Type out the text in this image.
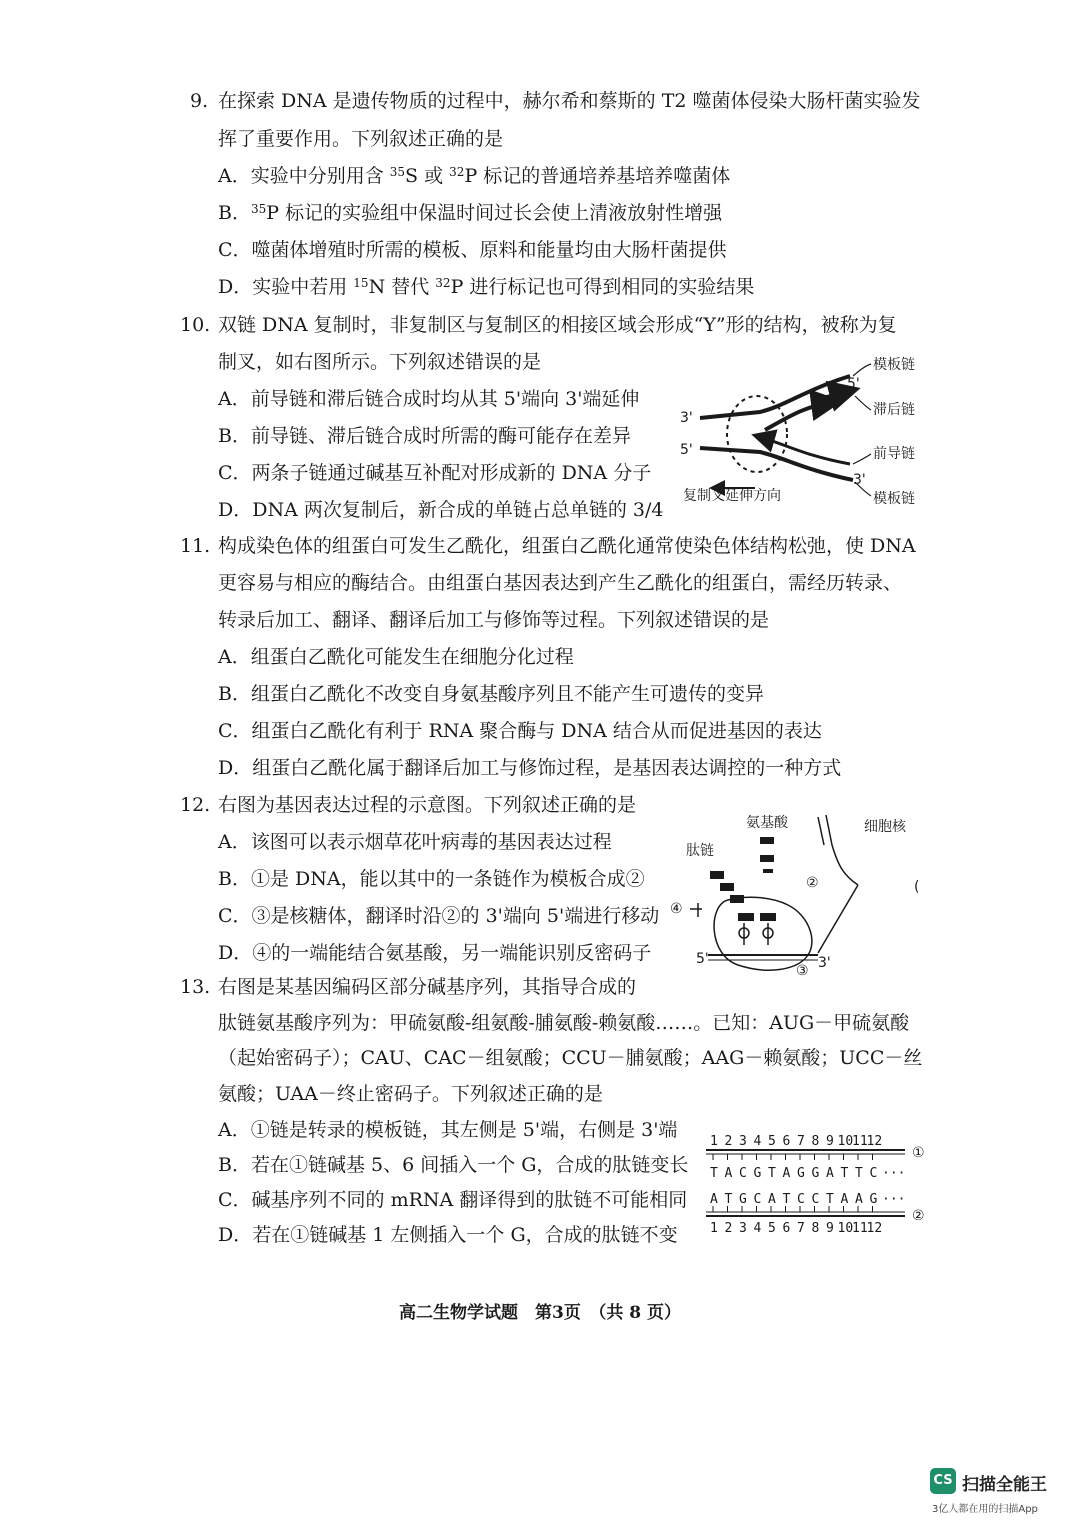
9. 在探索 DNA 是遗传物质的过程中，赫尔希和蔡斯的 T2 噬菌体侵染大肠杆菌实验发
挥了重要作用。下列叙述正确的是
A．实验中分别用含 $^{35}$S 或 $^{32}$P 标记的普通培养基培养噬菌体
B．$^{35}$P 标记的实验组中保温时间过长会使上清液放射性增强
C．噬菌体增殖时所需的模板、原料和能量均由大肠杆菌提供
D．实验中若用 $^{15}$N 替代 $^{32}$P 进行标记也可得到相同的实验结果
10. 双链 DNA 复制时，非复制区与复制区的相接区域会形成“Y”形的结构，被称为复
制叉，如右图所示。下列叙述错误的是
A．前导链和滞后链合成时均从其 5'端向 3'端延伸
B．前导链、滞后链合成时所需的酶可能存在差异
C．两条子链通过碱基互补配对形成新的 DNA 分子
D．DNA 两次复制后，新合成的单链占总单链的 3/4
模板链
滞后链
前导链
模板链
复制叉延伸方向
3'
5'
5'
3'
11. 构成染色体的组蛋白可发生乙酰化，组蛋白乙酰化通常使染色体结构松弛，使 DNA
更容易与相应的酶结合。由组蛋白基因表达到产生乙酰化的组蛋白，需经历转录、
转录后加工、翻译、翻译后加工与修饰等过程。下列叙述错误的是
A．组蛋白乙酰化可能发生在细胞分化过程
B．组蛋白乙酰化不改变自身氨基酸序列且不能产生可遗传的变异
C．组蛋白乙酰化有利于 RNA 聚合酶与 DNA 结合从而促进基因的表达
D．组蛋白乙酰化属于翻译后加工与修饰过程，是基因表达调控的一种方式
12. 右图为基因表达过程的示意图。下列叙述正确的是
A．该图可以表示烟草花叶病毒的基因表达过程
B．①是 DNA，能以其中的一条链作为模板合成②
C．③是核糖体，翻译时沿②的 3'端向 5'端进行移动
D．④的一端能结合氨基酸，另一端能识别反密码子
氨基酸	细胞核
肽链
②	(
④
5'	3'
③
13. 右图是某基因编码区部分碱基序列，其指导合成的
肽链氨基酸序列为：甲硫氨酸-组氨酸-脯氨酸-赖氨酸……。已知：AUG－甲硫氨酸
（起始密码子）；CAU、CAC－组氨酸；CCU－脯氨酸；AAG－赖氨酸；UCC－丝
氨酸；UAA－终止密码子。下列叙述正确的是
A．①链是转录的模板链，其左侧是 5'端，右侧是 3'端
B．若在①链碱基 5、6 间插入一个 G，合成的肽链变长
C．碱基序列不同的 mRNA 翻译得到的肽链不可能相同
D．若在①链碱基 1 左侧插入一个 G，合成的肽链不变
1 2 3 4 5 6 7 8 9 10
11
12
①
T A C G T A G G A T T C ···
A T G C A T C C T A A G ···
②
1 2 3 4 5 6 7 8 9 10
11
12
高二生物学试题　第3页　（共 8 页）
CS 扫描全能王
3亿人都在用的扫描App
